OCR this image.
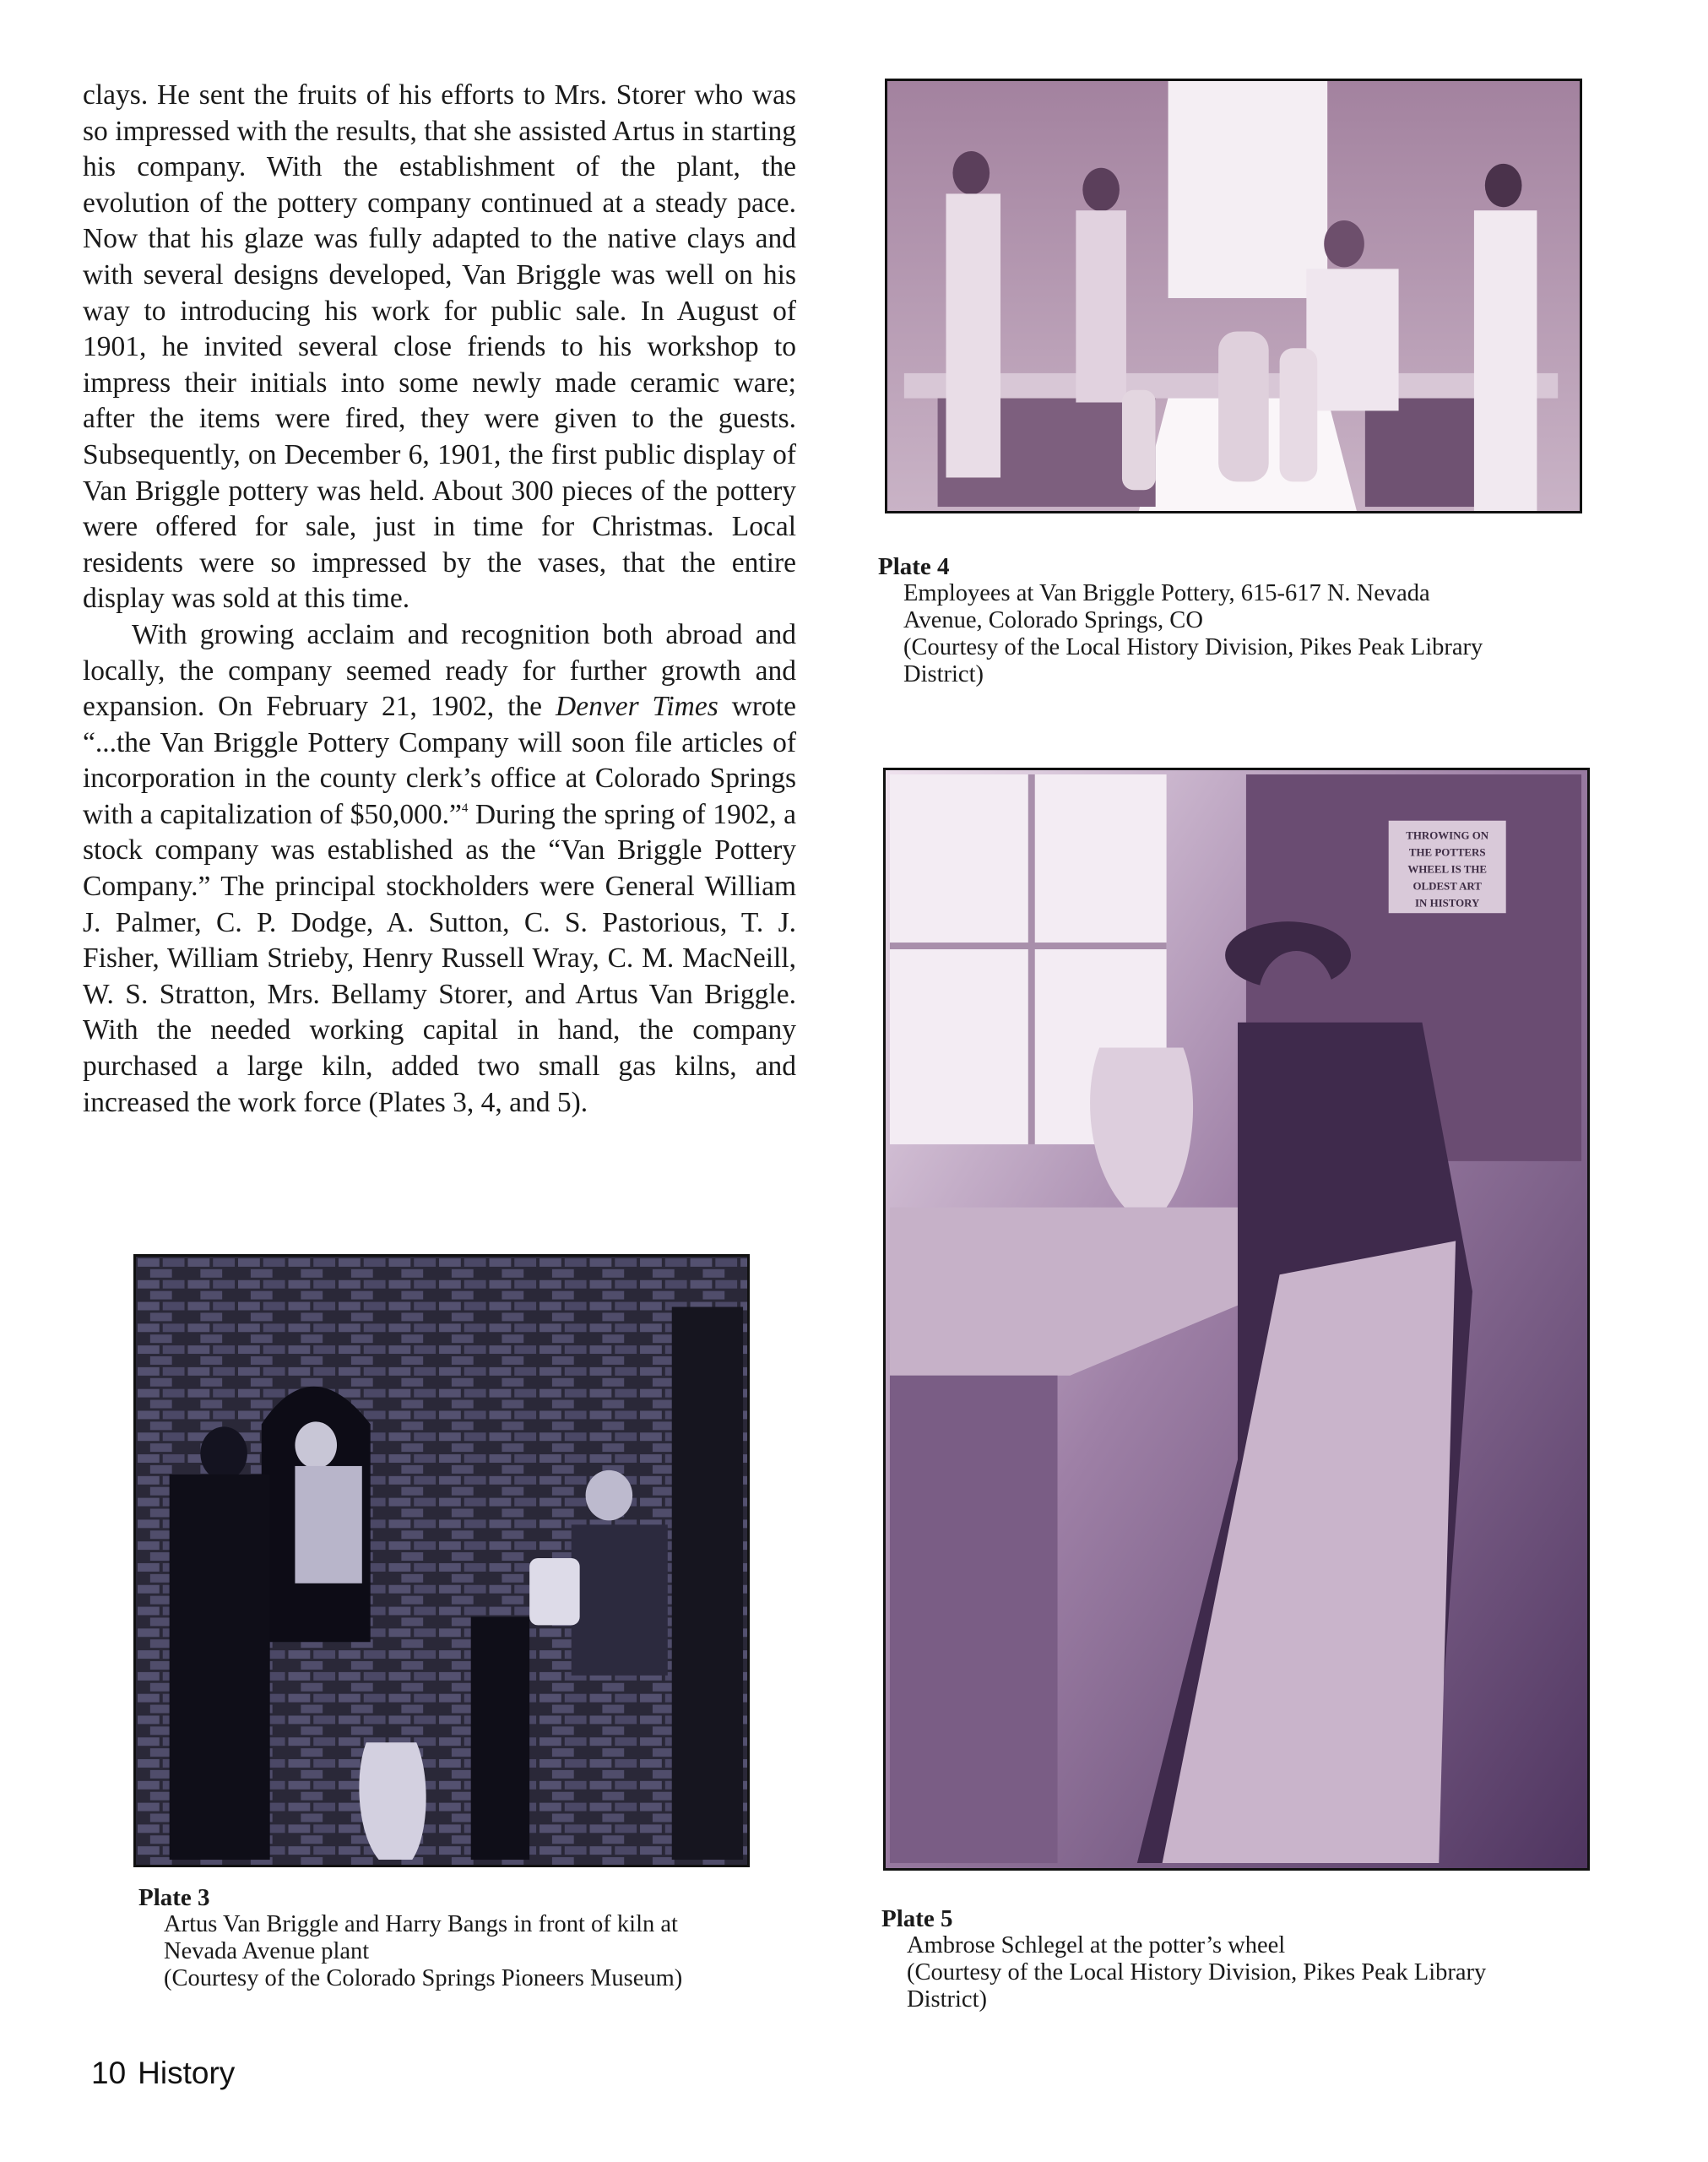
clays. He sent the fruits of his efforts to Mrs. Storer who was so impressed with the results, that she assisted Artus in starting his company. With the establishment of the plant, the evolution of the pottery company continued at a steady pace. Now that his glaze was fully adapted to the native clays and with several designs developed, Van Briggle was well on his way to introducing his work for public sale. In August of 1901, he invited several close friends to his workshop to impress their initials into some newly made ceramic ware; after the items were fired, they were given to the guests. Subsequently, on December 6, 1901, the first public display of Van Briggle pottery was held. About 300 pieces of the pottery were offered for sale, just in time for Christmas. Local residents were so impressed by the vases, that the entire display was sold at this time.

With growing acclaim and recognition both abroad and locally, the company seemed ready for further growth and expansion. On February 21, 1902, the Denver Times wrote “...the Van Briggle Pottery Company will soon file articles of incorporation in the county clerk’s office at Colorado Springs with a capitalization of $50,000.”$^4$ During the spring of 1902, a stock company was established as the “Van Briggle Pottery Company.” The principal stockholders were General William J. Palmer, C. P. Dodge, A. Sutton, C. S. Pastorious, T. J. Fisher, William Strieby, Henry Russell Wray, C. M. MacNeill, W. S. Stratton, Mrs. Bellamy Storer, and Artus Van Briggle. With the needed working capital in hand, the company purchased a large kiln, added two small gas kilns, and increased the work force (Plates 3, 4, and 5).

Plate 4
Employees at Van Briggle Pottery, 615-617 N. Nevada
Avenue, Colorado Springs, CO
(Courtesy of the Local History Division, Pikes Peak Library
District)
THROWING ON
THE POTTERS
WHEEL IS THE
OLDEST ART
IN HISTORY
Plate 5
Ambrose Schlegel at the potter’s wheel
(Courtesy of the Local History Division, Pikes Peak Library
District)
Plate 3
Artus Van Briggle and Harry Bangs in front of kiln at
Nevada Avenue plant
(Courtesy of the Colorado Springs Pioneers Museum)
10 History
